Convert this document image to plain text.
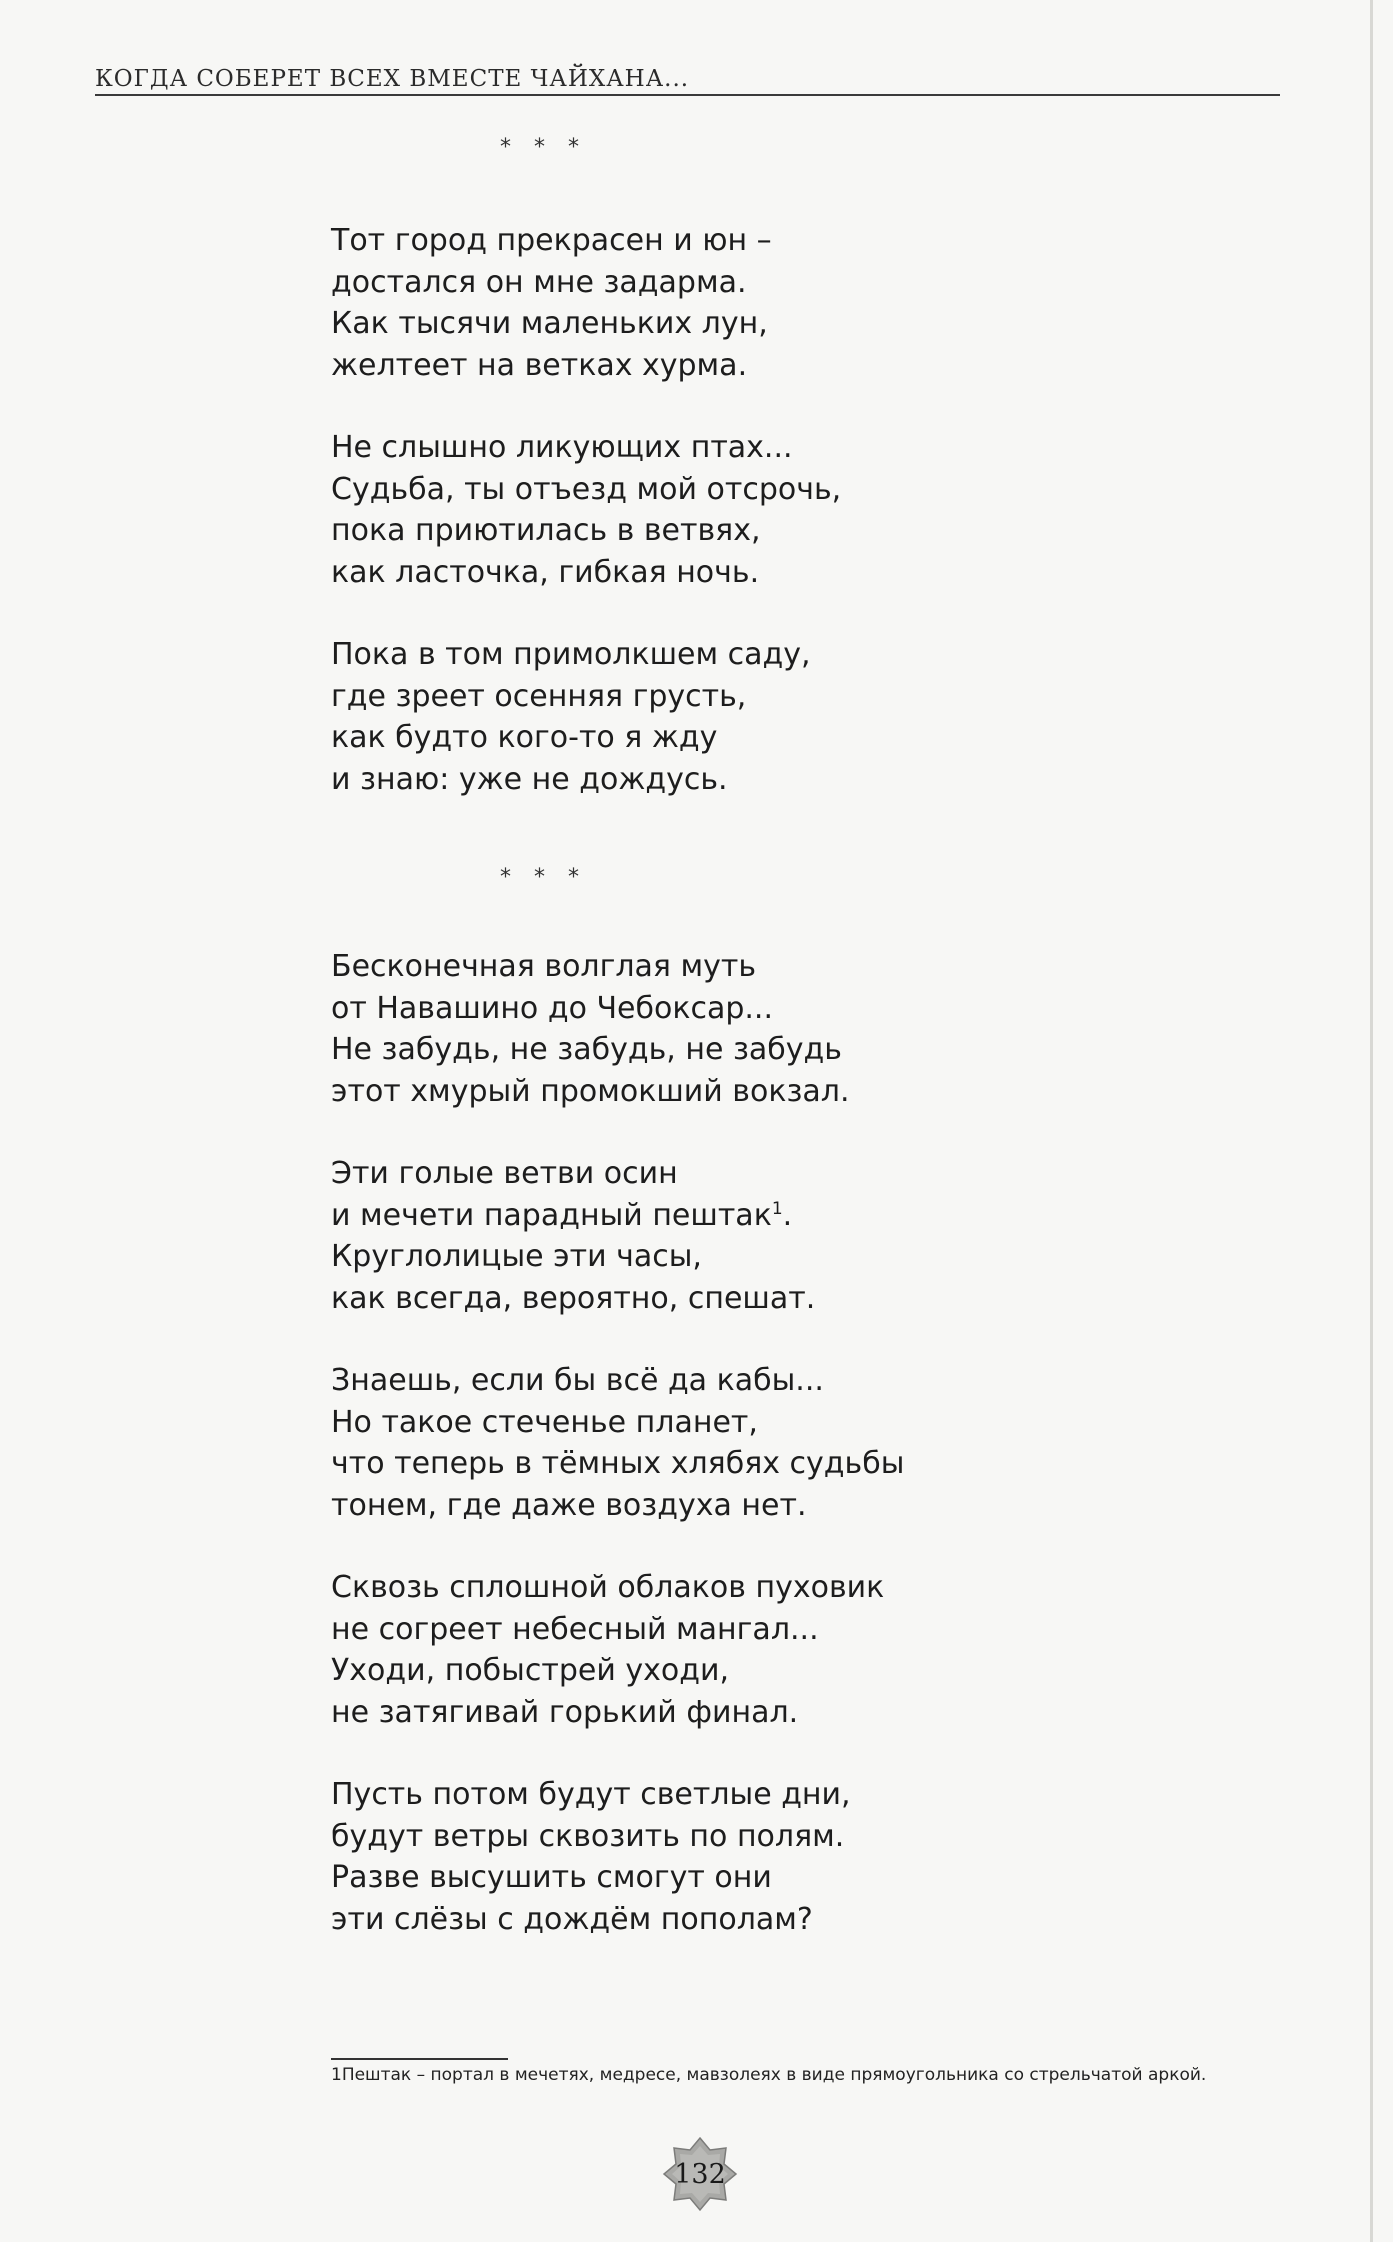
КОГДА СОБЕРЕТ ВСЕХ ВМЕСТЕ ЧАЙХАНА...
* * *

Тот город прекрасен и юн –
достался он мне задарма.
Как тысячи маленьких лун,
желтеет на ветках хурма.

Не слышно ликующих птах...
Судьба, ты отъезд мой отсрочь,
пока приютилась в ветвях,
как ласточка, гибкая ночь.

Пока в том примолкшем саду,
где зреет осенняя грусть,
как будто кого-то я жду
и знаю: уже не дождусь.

* * *

Бесконечная волглая муть
от Навашино до Чебоксар...
Не забудь, не забудь, не забудь
этот хмурый промокший вокзал.

Эти голые ветви осин
и мечети парадный пештак$^1$.
Круглолицые эти часы,
как всегда, вероятно, спешат.

Знаешь, если бы всё да кабы...
Но такое стеченье планет,
что теперь в тёмных хлябях судьбы
тонем, где даже воздуха нет.

Сквозь сплошной облаков пуховик
не согреет небесный мангал...
Уходи, побыстрей уходи,
не затягивай горький финал.

Пусть потом будут светлые дни,
будут ветры сквозить по полям.
Разве высушить смогут они
эти слёзы с дождём пополам?

1Пештак – портал в мечетях, медресе, мавзолеях в виде прямоугольника со стрельчатой аркой.
132
